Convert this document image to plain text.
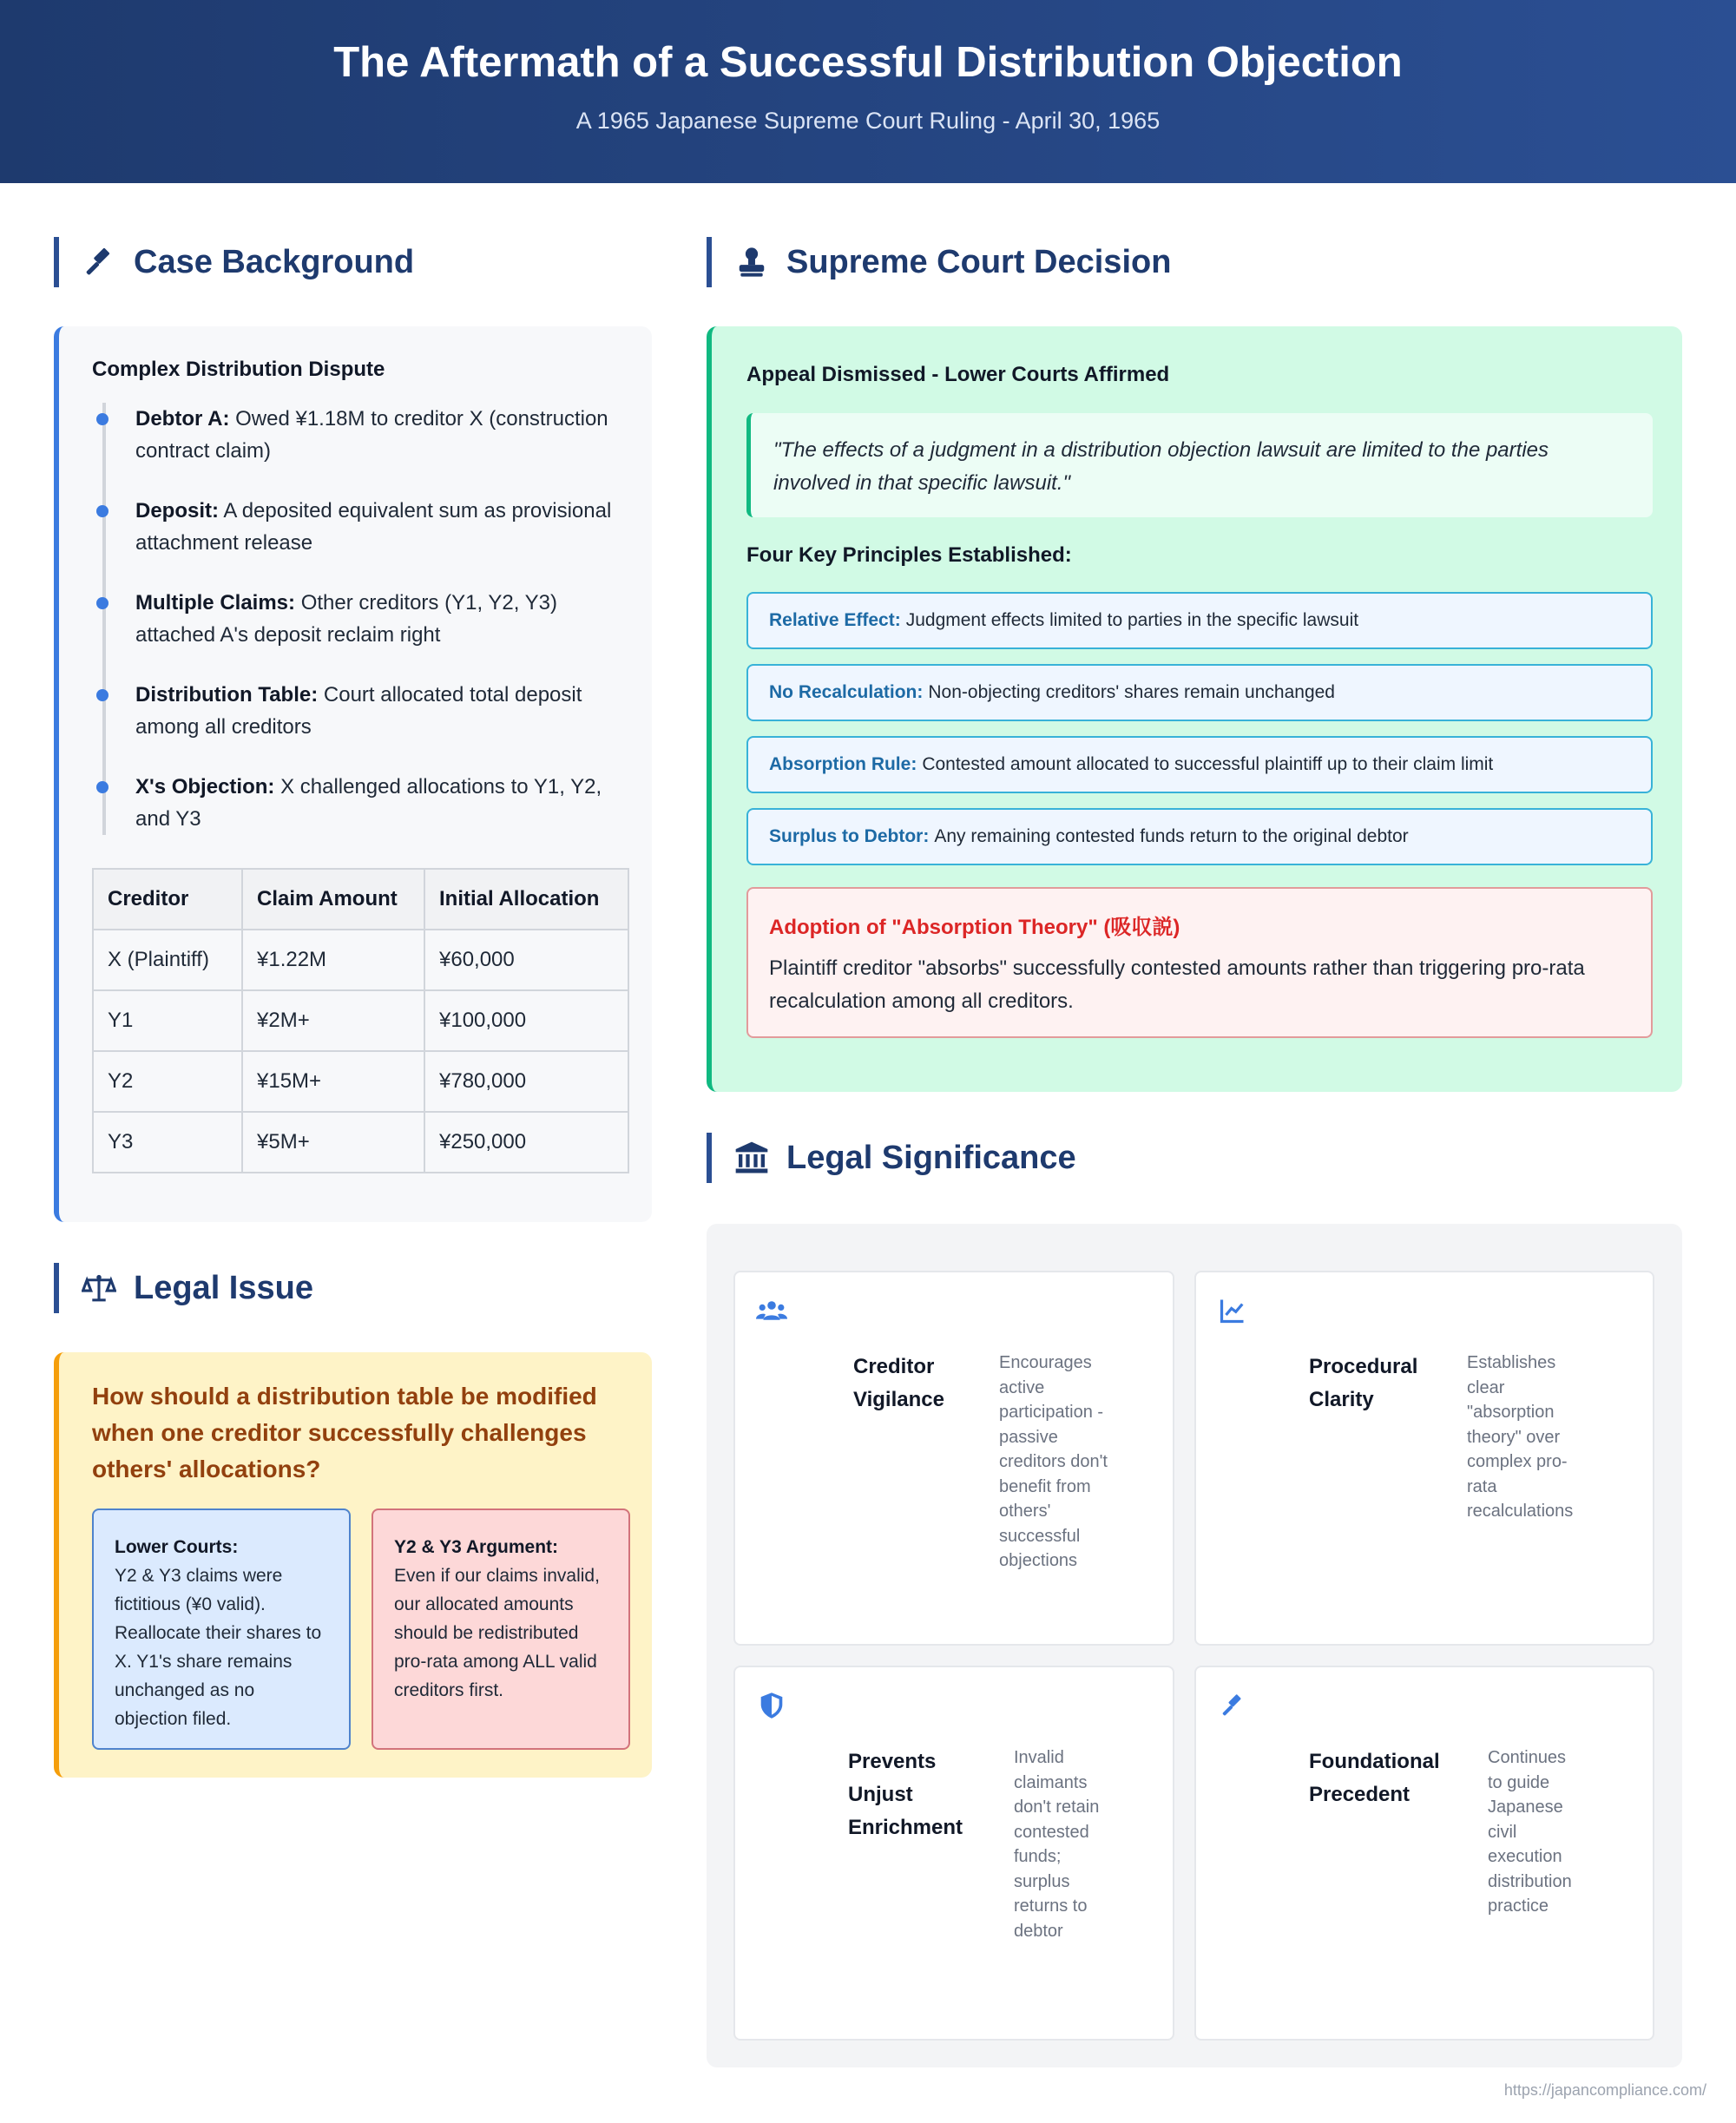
The Aftermath of a Successful Distribution Objection

A 1965 Japanese Supreme Court Ruling - April 30, 1965

Case Background
Complex Distribution Dispute
Debtor A: Owed ¥1.18M to creditor X (construction contract claim)
Deposit: A deposited equivalent sum as provisional attachment release
Multiple Claims: Other creditors (Y1, Y2, Y3) attached A's deposit reclaim right
Distribution Table: Court allocated total deposit among all creditors
X's Objection: X challenged allocations to Y1, Y2, and Y3
Creditor	Claim Amount	Initial Allocation
X (Plaintiff)	¥1.22M	¥60,000
Y1	¥2M+	¥100,000
Y2	¥15M+	¥780,000
Y3	¥5M+	¥250,000
Legal Issue
How should a distribution table be modified when one creditor successfully challenges others' allocations?
Lower Courts:
Y2 & Y3 claims were fictitious (¥0 valid). Reallocate their shares to X. Y1's share remains unchanged as no objection filed.
Y2 & Y3 Argument:
Even if our claims invalid, our allocated amounts should be redistributed pro-rata among ALL valid creditors first.
Supreme Court Decision
Appeal Dismissed - Lower Courts Affirmed
"The effects of a judgment in a distribution objection lawsuit are limited to the parties involved in that specific lawsuit."
Four Key Principles Established:
Relative Effect: Judgment effects limited to parties in the specific lawsuit
No Recalculation: Non-objecting creditors' shares remain unchanged
Absorption Rule: Contested amount allocated to successful plaintiff up to their claim limit
Surplus to Debtor: Any remaining contested funds return to the original debtor
Adoption of "Absorption Theory" (吸収説)

Plaintiff creditor "absorbs" successfully contested amounts rather than triggering pro-rata recalculation among all creditors.

Legal Significance
Creditor Vigilance
Encourages active participation - passive creditors don't benefit from others' successful objections
Procedural Clarity
Establishes clear "absorption theory" over complex pro-rata recalculations
Prevents Unjust Enrichment
Invalid claimants don't retain contested funds; surplus returns to debtor
Foundational Precedent
Continues to guide Japanese civil execution distribution practice
https://japancompliance.com/
